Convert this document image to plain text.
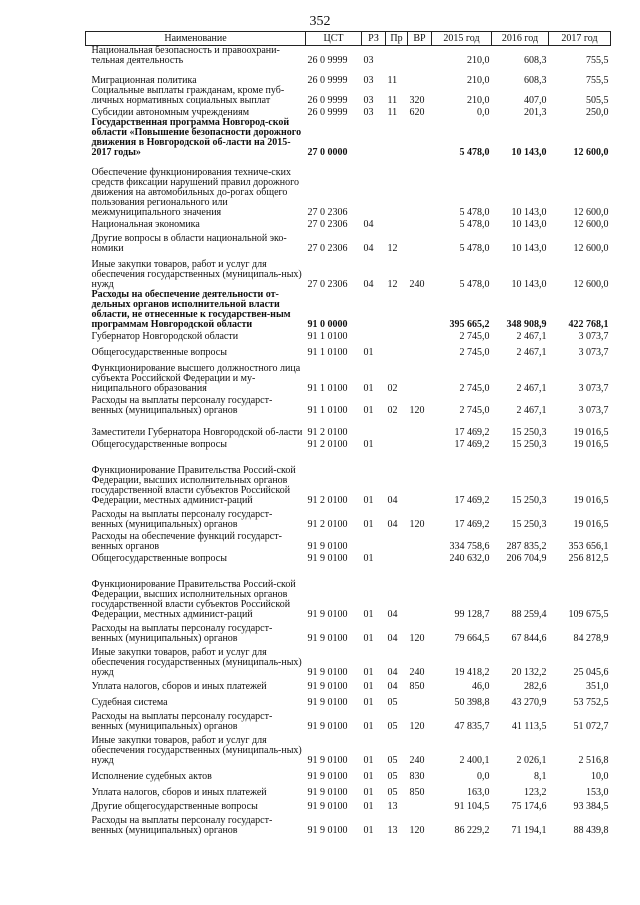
352
Наименование	ЦСТ	РЗ	Пр	ВР	2015 год	2016 год	2017 год
Национальная безопасность и правоохрани-тельная деятельность	26 0 9999	03			210,0	608,3	755,5
Миграционная политика	26 0 9999	03	11		210,0	608,3	755,5
Социальные выплаты гражданам, кроме пуб-личных нормативных социальных выплат	26 0 9999	03	11	320	210,0	407,0	505,5
Субсидии автономным учреждениям	26 0 9999	03	11	620	0,0	201,3	250,0
Государственная программа Новгород-ской области «Повышение безопасности дорожного движения в Новгородской об-ласти на 2015-2017 годы»	27 0 0000				5 478,0	10 143,0	12 600,0
Обеспечение функционирования техниче-ских средств фиксации нарушений правил дорожного движения на автомобильных до-рогах общего пользования регионального или межмуниципального значения	27 0 2306				5 478,0	10 143,0	12 600,0
Национальная экономика	27 0 2306	04			5 478,0	10 143,0	12 600,0
Другие вопросы в области национальной эко-номики	27 0 2306	04	12		5 478,0	10 143,0	12 600,0
Иные закупки товаров, работ и услуг для обеспечения государственных (муниципаль-ных) нужд	27 0 2306	04	12	240	5 478,0	10 143,0	12 600,0
Расходы на обеспечение деятельности от-дельных органов исполнительной власти области, не отнесенные к государствен-ным программам Новгородской области	91 0 0000				395 665,2	348 908,9	422 768,1
Губернатор Новгородской области	91 1 0100				2 745,0	2 467,1	3 073,7
Общегосударственные вопросы	91 1 0100	01			2 745,0	2 467,1	3 073,7
Функционирование высшего должностного лица субъекта Российской Федерации и му-ниципального образования	91 1 0100	01	02		2 745,0	2 467,1	3 073,7
Расходы на выплаты персоналу государст-венных (муниципальных) органов	91 1 0100	01	02	120	2 745,0	2 467,1	3 073,7
Заместители Губернатора Новгородской об-ласти	91 2 0100				17 469,2	15 250,3	19 016,5
Общегосударственные вопросы	91 2 0100	01			17 469,2	15 250,3	19 016,5
Функционирование Правительства Россий-ской Федерации, высших исполнительных органов государственной власти субъектов Российской Федерации, местных админист-раций	91 2 0100	01	04		17 469,2	15 250,3	19 016,5
Расходы на выплаты персоналу государст-венных (муниципальных) органов	91 2 0100	01	04	120	17 469,2	15 250,3	19 016,5
Расходы на обеспечение функций государст-венных органов	91 9 0100				334 758,6	287 835,2	353 656,1
Общегосударственные вопросы	91 9 0100	01			240 632,0	206 704,9	256 812,5
Функционирование Правительства Россий-ской Федерации, высших исполнительных органов государственной власти субъектов Российской Федерации, местных админист-раций	91 9 0100	01	04		99 128,7	88 259,4	109 675,5
Расходы на выплаты персоналу государст-венных (муниципальных) органов	91 9 0100	01	04	120	79 664,5	67 844,6	84 278,9
Иные закупки товаров, работ и услуг для обеспечения государственных (муниципаль-ных) нужд	91 9 0100	01	04	240	19 418,2	20 132,2	25 045,6
Уплата налогов, сборов и иных платежей	91 9 0100	01	04	850	46,0	282,6	351,0
Судебная система	91 9 0100	01	05		50 398,8	43 270,9	53 752,5
Расходы на выплаты персоналу государст-венных (муниципальных) органов	91 9 0100	01	05	120	47 835,7	41 113,5	51 072,7
Иные закупки товаров, работ и услуг для обеспечения государственных (муниципаль-ных) нужд	91 9 0100	01	05	240	2 400,1	2 026,1	2 516,8
Исполнение судебных актов	91 9 0100	01	05	830	0,0	8,1	10,0
Уплата налогов, сборов и иных платежей	91 9 0100	01	05	850	163,0	123,2	153,0
Другие общегосударственные вопросы	91 9 0100	01	13		91 104,5	75 174,6	93 384,5
Расходы на выплаты персоналу государст-венных (муниципальных) органов	91 9 0100	01	13	120	86 229,2	71 194,1	88 439,8
